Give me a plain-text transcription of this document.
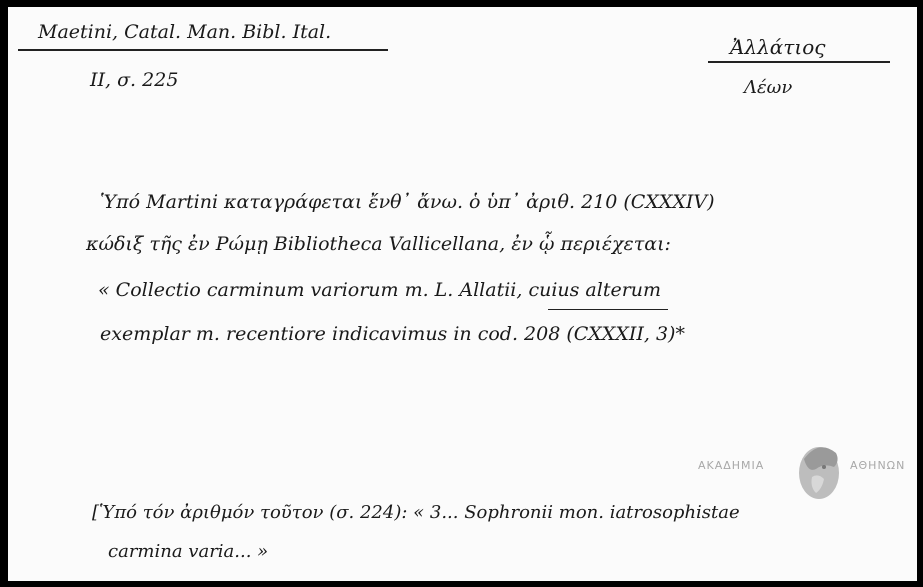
Maetini, Catal. Man. Bibl. Ital.
II, σ. 225
Ἀλλάτιος
Λέων
Ὑπό Martini καταγράφεται ἔνθ᾽ ἄνω. ὁ ὑπ᾽ ἀριθ. 210 (CXXXIV)
κώδιξ τῆς ἐν Ρώμῃ Bibliotheca Vallicellana, ἐν ᾧ περιέχεται:
« Collectio carminum variorum m. L. Allatii, cuius alterum
exemplar m. recentiore indicavimus in cod. 208 (CXXXII, 3)*
[Ὑπό τόν ἀριθμόν τοῦτον (σ. 224): « 3... Sophronii mon. iatrosophistae
carmina varia... »
ΑΚΑΔΗΜΙΑ	ΑΘΗΝΩΝ
